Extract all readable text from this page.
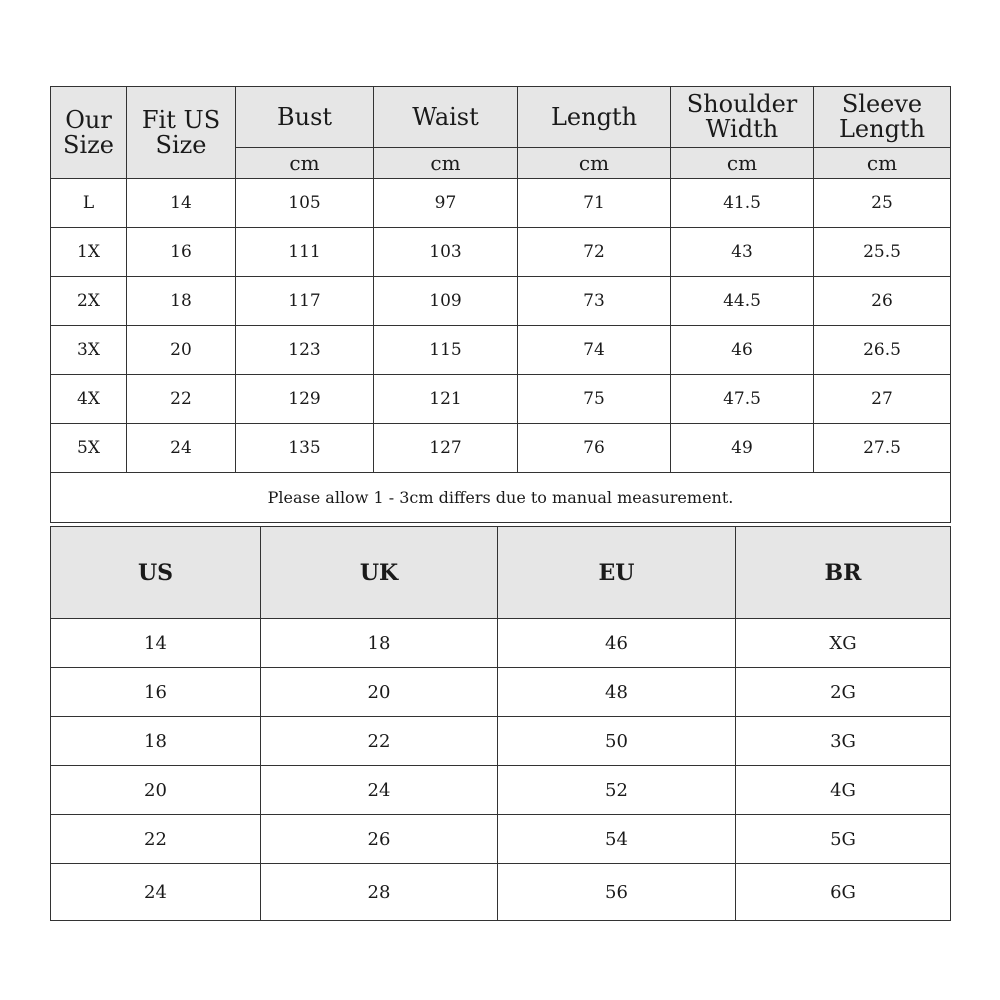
Our Size	Fit US Size	Bust	Waist	Length	Shoulder Width	Sleeve Length
		cm	cm	cm	cm	cm
L	14	105	97	71	41.5	25
1X	16	111	103	72	43	25.5
2X	18	117	109	73	44.5	26
3X	20	123	115	74	46	26.5
4X	22	129	121	75	47.5	27
5X	24	135	127	76	49	27.5
Please allow 1 - 3cm differs due to manual measurement.						
US	UK	EU	BR
14	18	46	XG
16	20	48	2G
18	22	50	3G
20	24	52	4G
22	26	54	5G
24	28	56	6G
